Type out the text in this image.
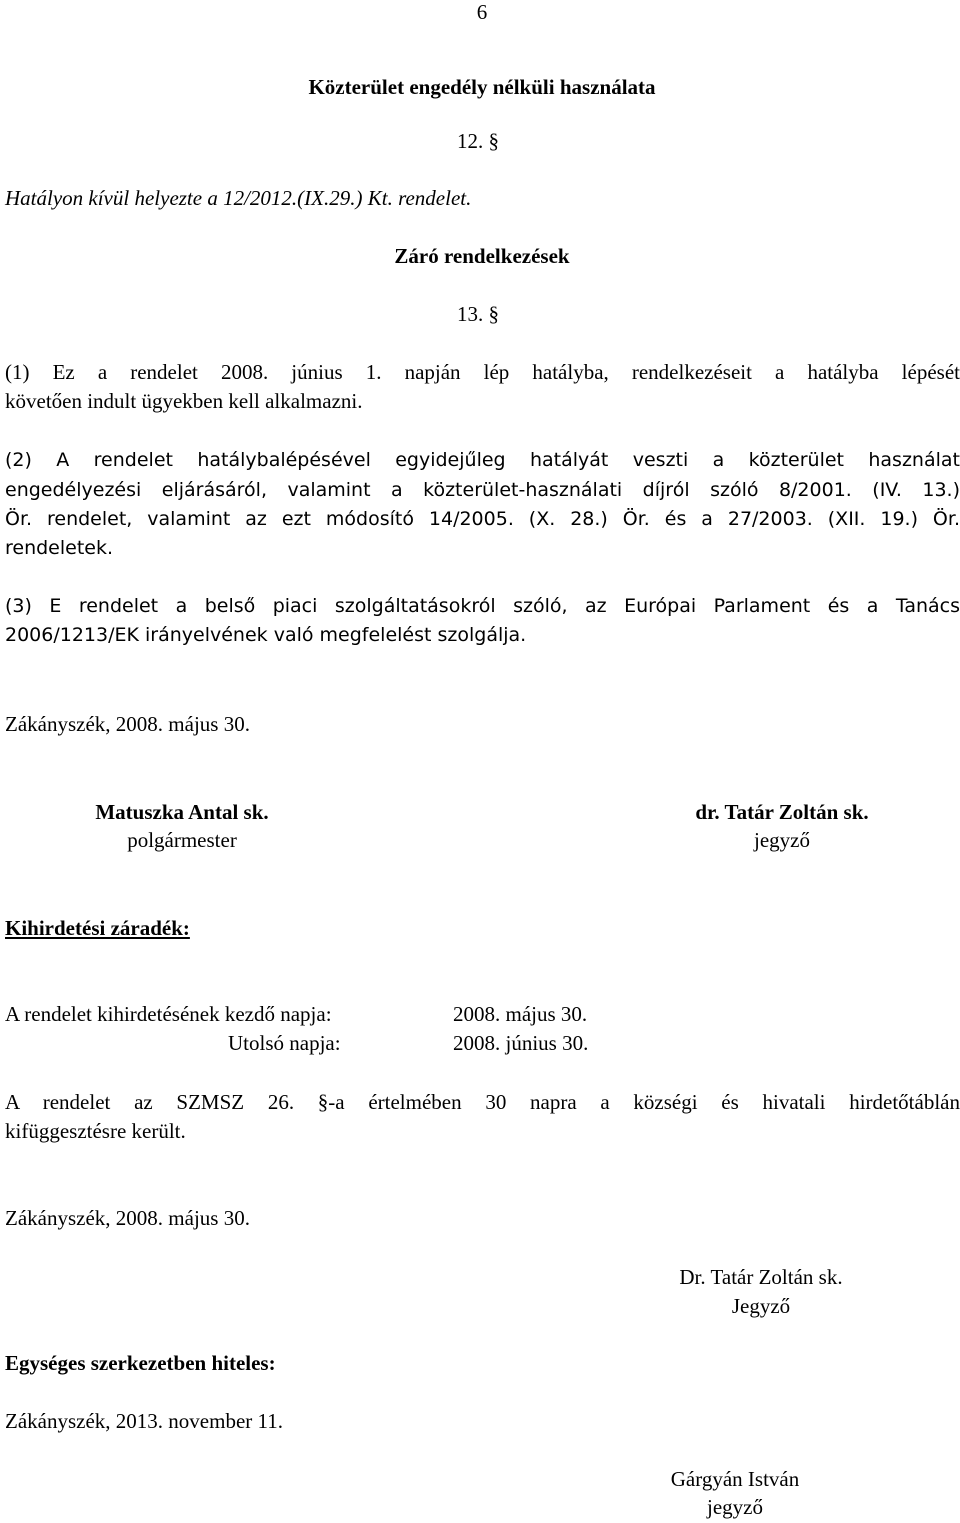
6
Közterület engedély nélküli használata
12. §
Hatályon kívül helyezte a 12/2012.(IX.29.) Kt. rendelet.
Záró rendelkezések
13. §
(1) Ez a rendelet 2008. június 1. napján lép hatályba, rendelkezéseit a hatályba lépését
követően indult ügyekben kell alkalmazni.
(2) A rendelet hatálybalépésével egyidejűleg hatályát veszti a közterület használat
engedélyezési eljárásáról, valamint a közterület-használati díjról szóló 8/2001. (IV. 13.)
Ör. rendelet, valamint az ezt módosító 14/2005. (X. 28.) Ör. és a 27/2003. (XII. 19.) Ör.
rendeletek.
(3) E rendelet a belső piaci szolgáltatásokról szóló, az Európai Parlament és a Tanács
2006/1213/EK irányelvének való megfelelést szolgálja.
Zákányszék, 2008. május 30.
Matuszka Antal sk.
polgármester
dr. Tatár Zoltán sk.
jegyző
Kihirdetési záradék:
A rendelet kihirdetésének kezdő napja:	2008. május 30.
Utolsó napja:	2008. június 30.
A rendelet az SZMSZ 26. §-a értelmében 30 napra a községi és hivatali hirdetőtáblán
kifüggesztésre került.
Zákányszék, 2008. május 30.
Dr. Tatár Zoltán sk.
Jegyző
Egységes szerkezetben hiteles:
Zákányszék, 2013. november 11.
Gárgyán István
jegyző
